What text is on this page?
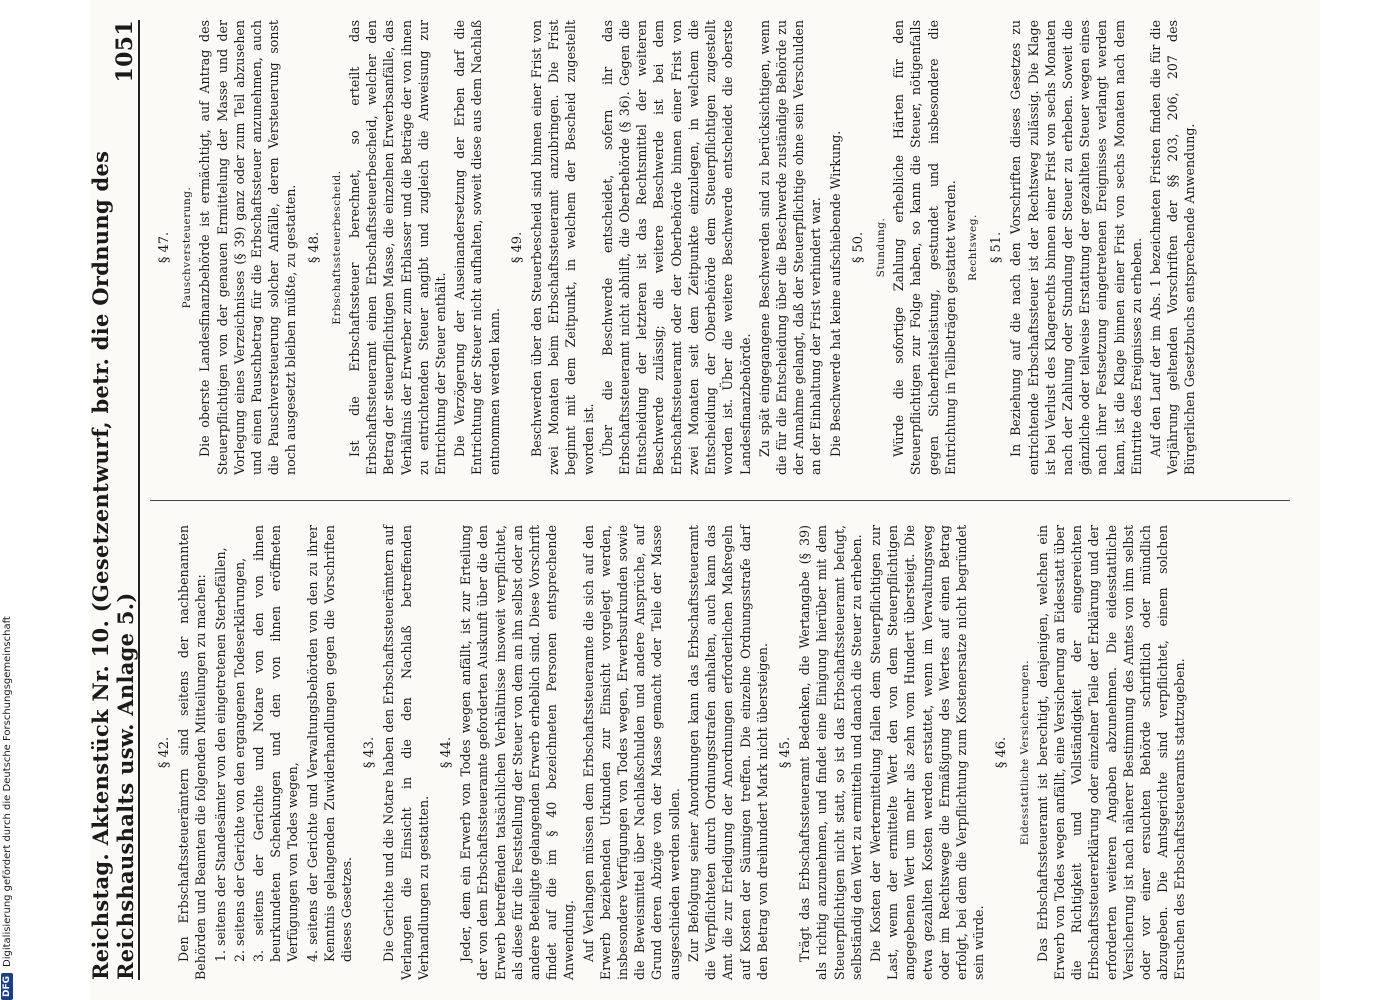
Reichstag. Aktenstück Nr. 10. (Gesetzentwurf, betr. die Ordnung des Reichshaushalts usw. Anlage 5.)
1051
§ 42. Den Erbschaftssteuerämtern sind seitens der nachbenannten Behörden und Beamten die folgenden Mitteilungen zu machen: 1. seitens der Standesämter von den eingetretenen Sterbefällen, 2. seitens der Gerichte von den ergangenen Todeserklärungen, 3. seitens der Gerichte und Notare von den von ihnen beurkundeten Schenkungen und den von ihnen eröffneten Verfügungen von Todes wegen, 4. seitens der Gerichte und Verwaltungsbehörden von den zu ihrer Kenntnis gelangenden Zuwiderhandlungen gegen die Vorschriften dieses Gesetzes.

§ 43. Die Gerichte und die Notare haben den Erbschaftssteuerämtern auf Verlangen die Einsicht in die den Nachlaß betreffenden Verhandlungen zu gestatten.

§ 44. Jeder, dem ein Erwerb von Todes wegen anfällt, ist zur Erteilung der von dem Erbschaftssteueramte geforderten Auskunft über die den Erwerb betreffenden tatsächlichen Verhältnisse insoweit verpflichtet, als diese für die Feststellung der Steuer von dem an ihn selbst oder an andere Beteiligte gelangenden Erwerb erheblich sind. Diese Vorschrift findet auf die im § 40 bezeichneten Personen entsprechende Anwendung. Auf Verlangen müssen dem Erbschaftssteueramte die sich auf den Erwerb beziehenden Urkunden zur Einsicht vorgelegt werden, insbesondere Verfügungen von Todes wegen, Erwerbsurkunden sowie die Beweismittel über Nachlaßschulden und andere Ansprüche, auf Grund deren Abzüge von der Masse gemacht oder Teile der Masse ausgeschieden werden sollen. Zur Befolgung seiner Anordnungen kann das Erbschaftssteueramt die Verpflichteten durch Ordnungsstrafen anhalten, auch kann das Amt die zur Erledigung der Anordnungen erforderlichen Maßregeln auf Kosten der Säumigen treffen. Die einzelne Ordnungsstrafe darf den Betrag von dreihundert Mark nicht übersteigen. § 45. Trägt das Erbschaftssteueramt Bedenken, die Wertangabe (§ 39) als richtig anzunehmen, und findet eine Einigung hierüber mit dem Steuerpflichtigen nicht statt, so ist das Erbschaftssteueramt befugt, selbständig den Wert zu ermitteln und danach die Steuer zu erheben. Die Kosten der Wertermittelung fallen dem Steuerpflichtigen zur Last, wenn der ermittelte Wert den von dem Steuerpflichtigen angegebenen Wert um mehr als zehn vom Hundert übersteigt. Die etwa gezahlten Kosten werden erstattet, wenn im Verwaltungsweg oder im Rechtswege die Ermäßigung des Wertes auf einen Betrag erfolgt, bei dem die Verpflichtung zum Kostenersatze nicht begründet sein würde.

§ 46. Eidesstattliche Versicherungen. Das Erbschaftssteueramt ist berechtigt, denjenigen, welchen ein Erwerb von Todes wegen anfällt, eine Versicherung an Eidesstatt über die Richtigkeit und Vollständigkeit der eingereichten Erbschaftssteuererklärung oder einzelner Teile der Erklärung und der erforderten weiteren Angaben abzunehmen. Die eidesstattliche Versicherung ist nach näherer Bestimmung des Amtes von ihm selbst oder vor einer ersuchten Behörde schriftlich oder mündlich abzugeben. Die Amtsgerichte sind verpflichtet, einem solchen Ersuchen des Erbschaftssteueramts stattzugeben.

§ 47. Pauschversteuerung. Die oberste Landesfinanzbehörde ist ermächtigt, auf Antrag des Steuerpflichtigen von der genauen Ermittelung der Masse und der Vorlegung eines Verzeichnisses (§ 39) ganz oder zum Teil abzusehen und einen Pauschbetrag für die Erbschaftssteuer anzunehmen, auch die Pauschversteuerung solcher Anfälle, deren Versteuerung sonst noch ausgesetzt bleiben müßte, zu gestatten. § 48. Erbschaftssteuerbescheid. Ist die Erbschaftssteuer berechnet, so erteilt das Erbschaftssteueramt einen Erbschaftssteuerbescheid, welcher den Betrag der steuerpflichtigen Masse, die einzelnen Erwerbsanfälle, das Verhältnis der Erwerber zum Erblasser und die Beträge der von ihnen zu entrichtenden Steuer angibt und zugleich die Anweisung zur Entrichtung der Steuer enthält. Die Verzögerung der Auseinandersetzung der Erben darf die Entrichtung der Steuer nicht aufhalten, soweit diese aus dem Nachlaß entnommen werden kann.

§ 49. Beschwerden über den Steuerbescheid sind binnen einer Frist von zwei Monaten beim Erbschaftssteueramt anzubringen. Die Frist beginnt mit dem Zeitpunkt, in welchem der Bescheid zugestellt worden ist. Über die Beschwerde entscheidet, sofern ihr das Erbschaftssteueramt nicht abhilft, die Oberbehörde (§ 36). Gegen die Entscheidung der letzteren ist das Rechtsmittel der weiteren Beschwerde zulässig; die weitere Beschwerde ist bei dem Erbschaftssteueramt oder der Oberbehörde binnen einer Frist von zwei Monaten seit dem Zeitpunkte einzulegen, in welchem die Entscheidung der Oberbehörde dem Steuerpflichtigen zugestellt worden ist. Über die weitere Beschwerde entscheidet die oberste Landesfinanzbehörde. Zu spät eingegangene Beschwerden sind zu berücksichtigen, wenn die für die Entscheidung über die Beschwerde zuständige Behörde zu der Annahme gelangt, daß der Steuerpflichtige ohne sein Verschulden an der Einhaltung der Frist verhindert war. Die Beschwerde hat keine aufschiebende Wirkung. § 50. Stundung. Würde die sofortige Zahlung erhebliche Härten für den Steuerpflichtigen zur Folge haben, so kann die Steuer, nötigenfalls gegen Sicherheitsleistung, gestundet und insbesondere die Entrichtung in Teilbeträgen gestattet werden. Rechtsweg. § 51. In Beziehung auf die nach den Vorschriften dieses Gesetzes zu entrichtende Erbschaftssteuer ist der Rechtsweg zulässig. Die Klage ist bei Verlust des Klagerechts binnen einer Frist von sechs Monaten nach der Zahlung oder Stundung der Steuer zu erheben. Soweit die gänzliche oder teilweise Erstattung der gezahlten Steuer wegen eines nach ihrer Festsetzung eingetretenen Ereignisses verlangt werden kann, ist die Klage binnen einer Frist von sechs Monaten nach dem Eintritte des Ereignisses zu erheben. Auf den Lauf der im Abs. 1 bezeichneten Fristen finden die für die Verjährung geltenden Vorschriften der §§ 203, 206, 207 des Bürgerlichen Gesetzbuchs entsprechende Anwendung.

DFG
Digitalisierung gefördert durch die Deutsche Forschungsgemeinschaft
